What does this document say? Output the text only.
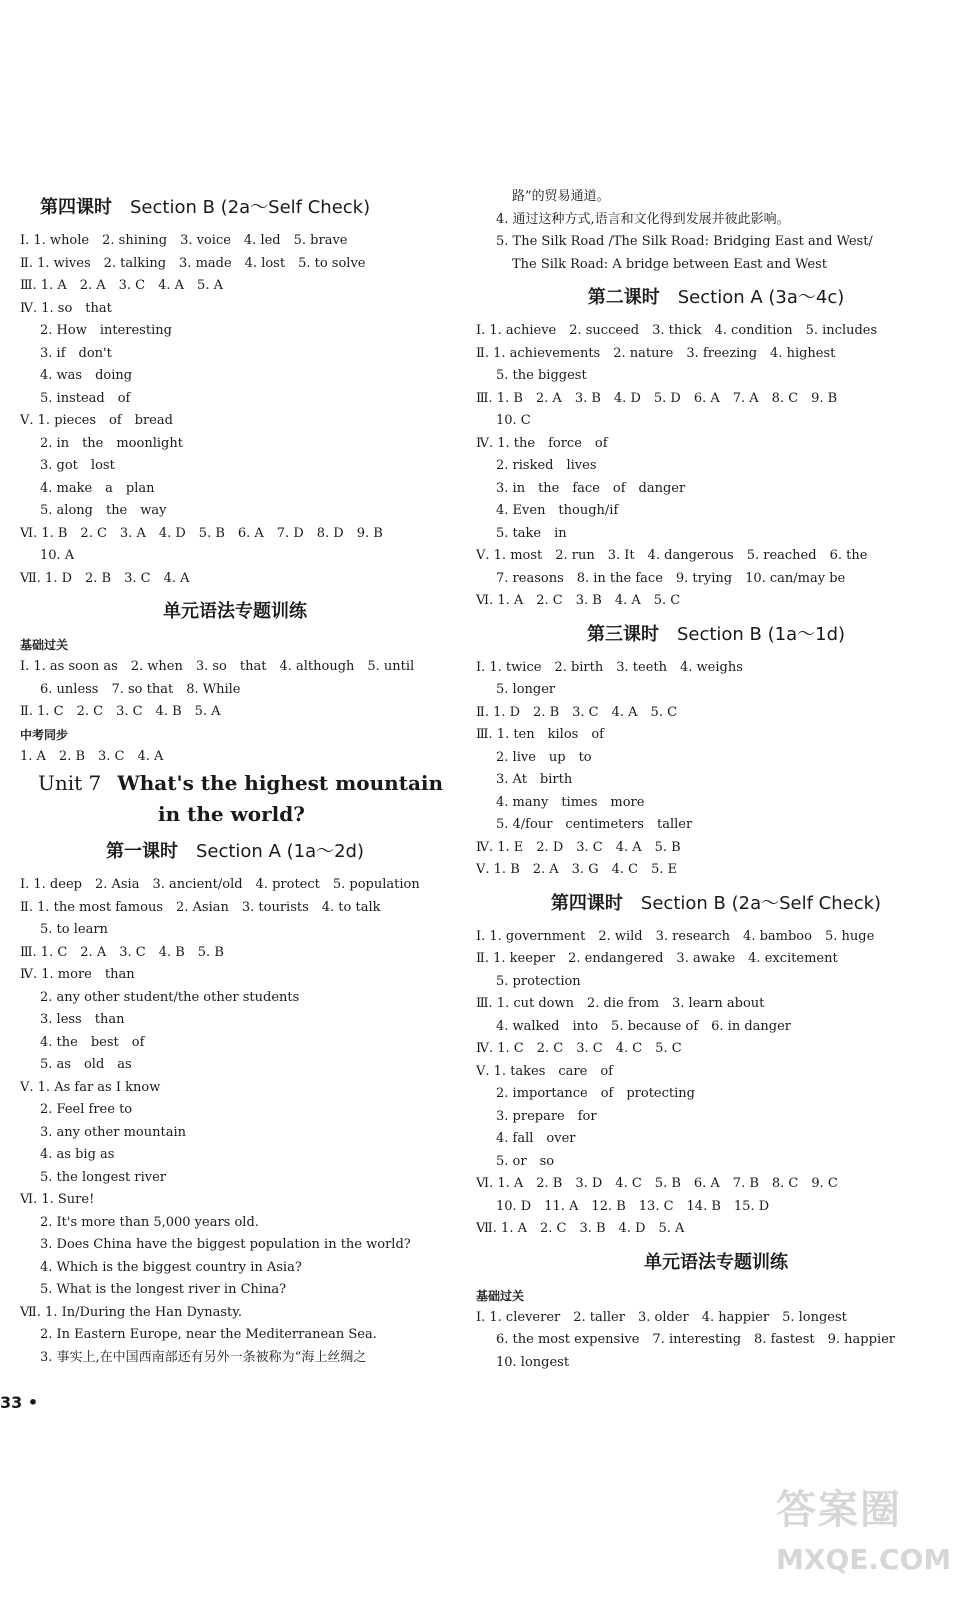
第四课时 Section B (2a～Self Check)
Ⅰ. 1. whole　2. shining　3. voice　4. led　5. brave
Ⅱ. 1. wives　2. talking　3. made　4. lost　5. to solve
Ⅲ. 1. A　2. A　3. C　4. A　5. A
Ⅳ. 1. so　that
2. How　interesting
3. if　don't
4. was　doing
5. instead　of
Ⅴ. 1. pieces　of　bread
2. in　the　moonlight
3. got　lost
4. make　a　plan
5. along　the　way
Ⅵ. 1. B　2. C　3. A　4. D　5. B　6. A　7. D　8. D　9. B
10. A
Ⅶ. 1. D　2. B　3. C　4. A
单元语法专题训练
基础过关
Ⅰ. 1. as soon as　2. when　3. so　that　4. although　5. until
6. unless　7. so that　8. While
Ⅱ. 1. C　2. C　3. C　4. B　5. A
中考同步
1. A　2. B　3. C　4. A
Unit 7 What's the highest mountain
in the world?
第一课时 Section A (1a～2d)
Ⅰ. 1. deep　2. Asia　3. ancient/old　4. protect　5. population
Ⅱ. 1. the most famous　2. Asian　3. tourists　4. to talk
5. to learn
Ⅲ. 1. C　2. A　3. C　4. B　5. B
Ⅳ. 1. more　than
2. any other student/the other students
3. less　than
4. the　best　of
5. as　old　as
Ⅴ. 1. As far as I know
2. Feel free to
3. any other mountain
4. as big as
5. the longest river
Ⅵ. 1. Sure!
2. It's more than 5,000 years old.
3. Does China have the biggest population in the world?
4. Which is the biggest country in Asia?
5. What is the longest river in China?
Ⅶ. 1. In/During the Han Dynasty.
2. In Eastern Europe, near the Mediterranean Sea.
3. 事实上,在中国西南部还有另外一条被称为“海上丝绸之
路”的贸易通道。
4. 通过这种方式,语言和文化得到发展并彼此影响。
5. The Silk Road /The Silk Road: Bridging East and West/
The Silk Road: A bridge between East and West
第二课时 Section A (3a～4c)
Ⅰ. 1. achieve　2. succeed　3. thick　4. condition　5. includes
Ⅱ. 1. achievements　2. nature　3. freezing　4. highest
5. the biggest
Ⅲ. 1. B　2. A　3. B　4. D　5. D　6. A　7. A　8. C　9. B
10. C
Ⅳ. 1. the　force　of
2. risked　lives
3. in　the　face　of　danger
4. Even　though/if
5. take　in
Ⅴ. 1. most　2. run　3. It　4. dangerous　5. reached　6. the
7. reasons　8. in the face　9. trying　10. can/may be
Ⅵ. 1. A　2. C　3. B　4. A　5. C
第三课时 Section B (1a～1d)
Ⅰ. 1. twice　2. birth　3. teeth　4. weighs
5. longer
Ⅱ. 1. D　2. B　3. C　4. A　5. C
Ⅲ. 1. ten　kilos　of
2. live　up　to
3. At　birth
4. many　times　more
5. 4/four　centimeters　taller
Ⅳ. 1. E　2. D　3. C　4. A　5. B
Ⅴ. 1. B　2. A　3. G　4. C　5. E
第四课时 Section B (2a～Self Check)
Ⅰ. 1. government　2. wild　3. research　4. bamboo　5. huge
Ⅱ. 1. keeper　2. endangered　3. awake　4. excitement
5. protection
Ⅲ. 1. cut down　2. die from　3. learn about
4. walked　into　5. because of　6. in danger
Ⅳ. 1. C　2. C　3. C　4. C　5. C
Ⅴ. 1. takes　care　of
2. importance　of　protecting
3. prepare　for
4. fall　over
5. or　so
Ⅵ. 1. A　2. B　3. D　4. C　5. B　6. A　7. B　8. C　9. C
10. D　11. A　12. B　13. C　14. B　15. D
Ⅶ. 1. A　2. C　3. B　4. D　5. A
单元语法专题训练
基础过关
Ⅰ. 1. cleverer　2. taller　3. older　4. happier　5. longest
6. the most expensive　7. interesting　8. fastest　9. happier
10. longest
33 •
答案圈
MXQE.COM
